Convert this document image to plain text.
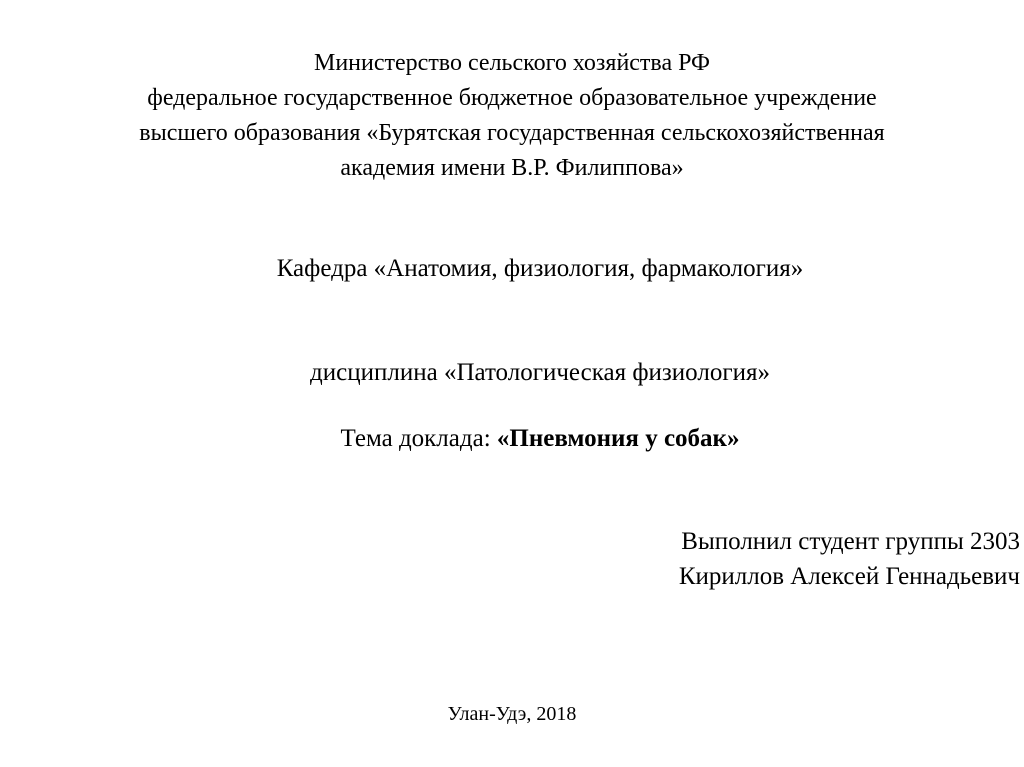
Министерство сельского хозяйства РФ
федеральное государственное бюджетное образовательное учреждение
высшего образования «Бурятская государственная сельскохозяйственная
академия имени В.Р. Филиппова»
Кафедра «Анатомия, физиология, фармакология»
дисциплина «Патологическая физиология»
Тема доклада: «Пневмония у собак»
Выполнил студент группы 2303
Кириллов Алексей Геннадьевич
Улан-Удэ, 2018
